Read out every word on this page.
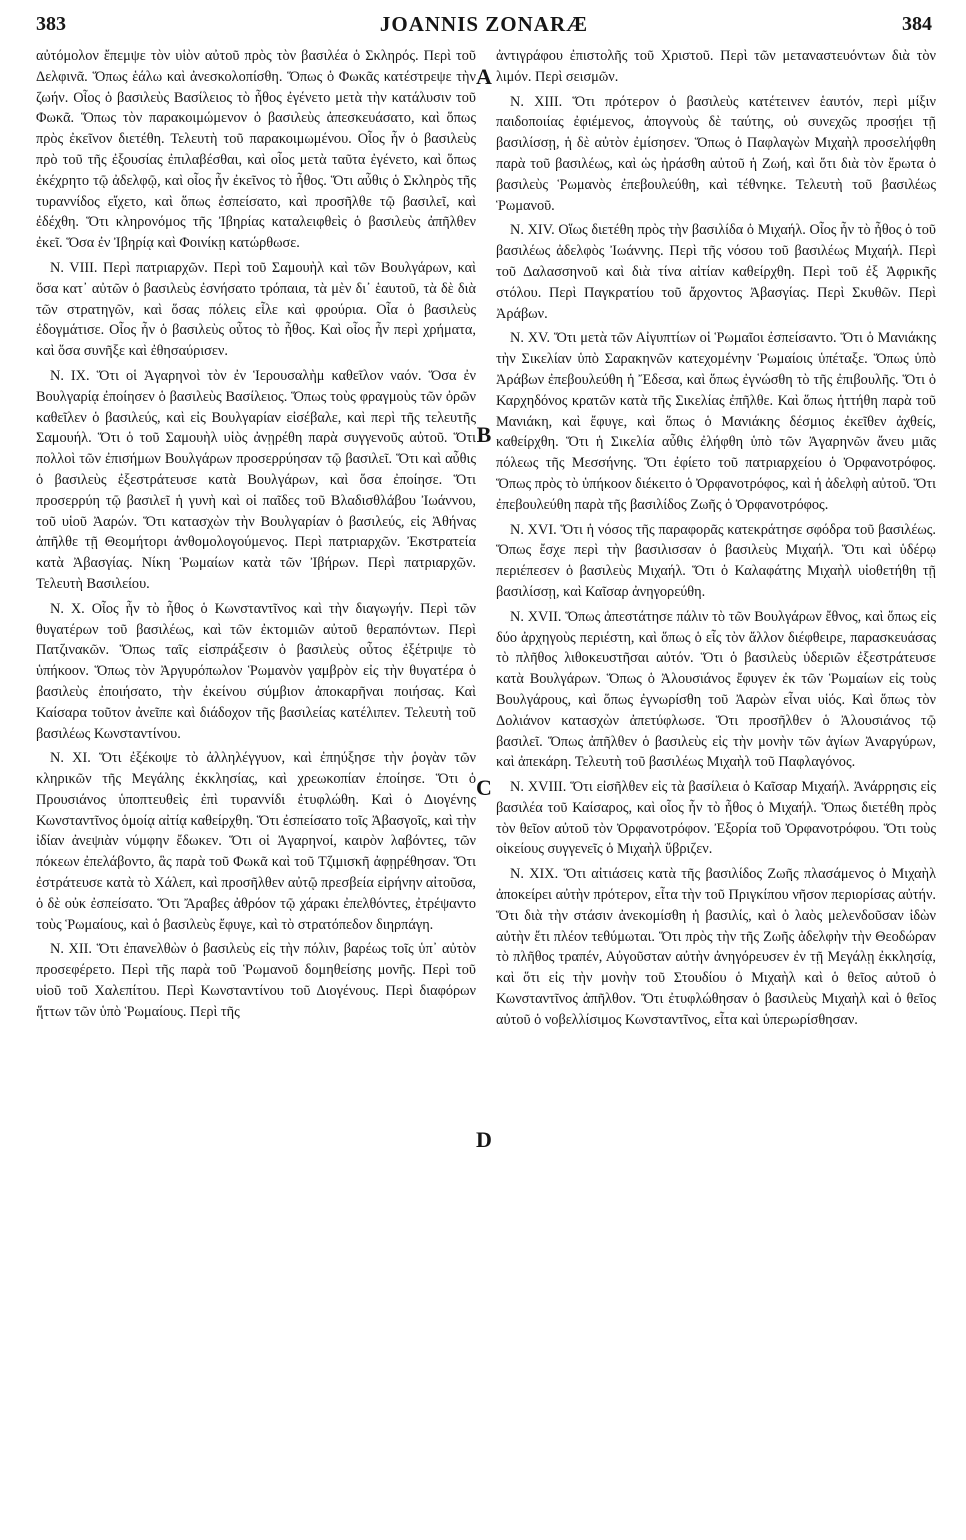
383	JOANNIS ZONARÆ	384

αὐτόμολον ἔπεμψε τὸν υἱὸν αὐτοῦ πρὸς τὸν βασιλέα ὁ Σκληρός. Περὶ τοῦ Δελφινᾶ. Ὅπως ἑάλω καὶ ἀνεσκολοπίσθη. Ὅπως ὁ Φωκᾶς κατέστρεψε τὴν ζωήν. Οἷος ὁ βασιλεὺς Βασίλειος τὸ ἦθος ἐγένετο μετὰ τὴν κατάλυσιν τοῦ Φωκᾶ. Ὅπως τὸν παρακοιμώμενον ὁ βασιλεὺς ἀπεσκευάσατο, καὶ ὅπως πρὸς ἐκεῖνον διετέθη. Τελευτὴ τοῦ παρακοιμωμένου. Οἷος ἦν ὁ βασιλεὺς πρὸ τοῦ τῆς ἐξουσίας ἐπιλαβέσθαι, καὶ οἷος μετὰ ταῦτα ἐγένετο, καὶ ὅπως ἐκέχρητο τῷ ἀδελφῷ, καὶ οἷος ἦν ἐκεῖνος τὸ ἦθος. Ὅτι αὖθις ὁ Σκληρὸς τῆς τυραννίδος εἴχετο, καὶ ὅπως ἐσπείσατο, καὶ προσῆλθε τῷ βασιλεῖ, καὶ ἐδέχθη. Ὅτι κληρονόμος τῆς Ἰβηρίας καταλειφθεὶς ὁ βασιλεὺς ἀπῆλθεν ἐκεῖ. Ὅσα ἐν Ἰβηρίᾳ καὶ Φοινίκῃ κατώρθωσε.

N. VIII. Περὶ πατριαρχῶν. Περὶ τοῦ Σαμουὴλ καὶ τῶν Βουλγάρων, καὶ ὅσα κατ᾽ αὐτῶν ὁ βασιλεὺς ἐσνήσατο τρόπαια, τὰ μὲν δι᾽ ἑαυτοῦ, τὰ δὲ διὰ τῶν στρατηγῶν, καὶ ὅσας πόλεις εἷλε καὶ φρούρια. Οἷα ὁ βασιλεὺς ἐδογμάτισε. Οἷος ἦν ὁ βασιλεὺς οὗτος τὸ ἦθος. Καὶ οἷος ἦν περὶ χρήματα, καὶ ὅσα συνῆξε καὶ ἐθησαύρισεν.

N. IX. Ὅτι οἱ Ἀγαρηνοὶ τὸν ἐν Ἱερουσαλὴμ καθεῖλον ναόν. Ὅσα ἐν Βουλγαρίᾳ ἐποίησεν ὁ βασιλεὺς Βασίλειος. Ὅπως τοὺς φραγμοὺς τῶν ὀρῶν καθεῖλεν ὁ βασιλεύς, καὶ εἰς Βουλγαρίαν εἰσέβαλε, καὶ περὶ τῆς τελευτῆς Σαμουήλ. Ὅτι ὁ τοῦ Σαμουὴλ υἱὸς ἀνῃρέθη παρὰ συγγενοῦς αὐτοῦ. Ὅτι πολλοὶ τῶν ἐπισήμων Βουλγάρων προσερρύησαν τῷ βασιλεῖ. Ὅτι καὶ αὖθις ὁ βασιλεὺς ἐξεστράτευσε κατὰ Βουλγάρων, καὶ ὅσα ἐποίησε. Ὅτι προσερρύη τῷ βασιλεῖ ἡ γυνὴ καὶ οἱ παῖδες τοῦ Βλαδισθλάβου Ἰωάννου, τοῦ υἱοῦ Ἀαρών. Ὅτι κατασχὼν τὴν Βουλγαρίαν ὁ βασιλεύς, εἰς Ἀθήνας ἀπῆλθε τῇ Θεομήτορι ἀνθομολογούμενος. Περὶ πατριαρχῶν. Ἐκστρατεία κατὰ Ἀβασγίας. Νίκη Ῥωμαίων κατὰ τῶν Ἰβήρων. Περὶ πατριαρχῶν. Τελευτὴ Βασιλείου.

N. X. Οἷος ἦν τὸ ἦθος ὁ Κωνσταντῖνος καὶ τὴν διαγωγήν. Περὶ τῶν θυγατέρων τοῦ βασιλέως, καὶ τῶν ἐκτομιῶν αὐτοῦ θεραπόντων. Περὶ Πατζινακῶν. Ὅπως ταῖς εἰσπράξεσιν ὁ βασιλεὺς οὗτος ἐξέτριψε τὸ ὑπήκοον. Ὅπως τὸν Ἀργυρόπωλον Ῥωμανὸν γαμβρὸν εἰς τὴν θυγατέρα ὁ βασιλεὺς ἐποιήσατο, τὴν ἐκείνου σύμβιον ἀποκαρῆναι ποιήσας. Καὶ Καίσαρα τοῦτον ἀνεῖπε καὶ διάδοχον τῆς βασιλείας κατέλιπεν. Τελευτὴ τοῦ βασιλέως Κωνσταντίνου.

N. XI. Ὅτι ἐξέκοψε τὸ ἀλληλέγγυον, καὶ ἐπηύξησε τὴν ῥογὰν τῶν κληρικῶν τῆς Μεγάλης ἐκκλησίας, καὶ χρεωκοπίαν ἐποίησε. Ὅτι ὁ Προυσιάνος ὑποπτευθεὶς ἐπὶ τυραννίδι ἐτυφλώθη. Καὶ ὁ Διογένης Κωνσταντῖνος ὁμοίᾳ αἰτίᾳ καθείρχθη. Ὅτι ἐσπείσατο τοῖς Ἀβασγοῖς, καὶ τὴν ἰδίαν ἀνεψιὰν νύμφην ἔδωκεν. Ὅτι οἱ Ἀγαρηνοί, καιρὸν λαβόντες, τῶν πόκεων ἐπελάβοντο, ἃς παρὰ τοῦ Φωκᾶ καὶ τοῦ Τζιμισκῆ ἀφῃρέθησαν. Ὅτι ἐστράτευσε κατὰ τὸ Χάλεπ, καὶ προσῆλθεν αὐτῷ πρεσβεία εἰρήνην αἰτοῦσα, ὁ δὲ οὐκ ἐσπείσατο. Ὅτι Ἄραβες ἀθρόον τῷ χάρακι ἐπελθόντες, ἐτρέψαντο τοὺς Ῥωμαίους, καὶ ὁ βασιλεὺς ἔφυγε, καὶ τὸ στρατόπεδον διηρπάγη.

N. XII. Ὅτι ἐπανελθὼν ὁ βασιλεὺς εἰς τὴν πόλιν, βαρέως τοῖς ὑπ᾽ αὐτὸν προσεφέρετο. Περὶ τῆς παρὰ τοῦ Ῥωμανοῦ δομηθείσης μονῆς. Περὶ τοῦ υἱοῦ τοῦ Χαλεπίτου. Περὶ Κωνσταντίνου τοῦ Διογένους. Περὶ διαφόρων ἥττων τῶν ὑπὸ Ῥωμαίους. Περὶ τῆς

A
B
C
D

ἀντιγράφου ἐπιστολῆς τοῦ Χριστοῦ. Περὶ τῶν μεταναστευόντων διὰ τὸν λιμόν. Περὶ σεισμῶν.

N. XIII. Ὅτι πρότερον ὁ βασιλεὺς κατέτεινεν ἑαυτόν, περὶ μίξιν παιδοποιίας ἐφιέμενος, ἀπογνοὺς δὲ ταύτης, οὐ συνεχῶς προσῄει τῇ βασιλίσσῃ, ἡ δὲ αὐτὸν ἐμίσησεν. Ὅπως ὁ Παφλαγὼν Μιχαὴλ προσελήφθη παρὰ τοῦ βασιλέως, καὶ ὡς ἠράσθη αὐτοῦ ἡ Ζωή, καὶ ὅτι διὰ τὸν ἔρωτα ὁ βασιλεὺς Ῥωμανὸς ἐπεβουλεύθη, καὶ τέθνηκε. Τελευτὴ τοῦ βασιλέως Ῥωμανοῦ.

N. XIV. Οἵως διετέθη πρὸς τὴν βασιλίδα ὁ Μιχαήλ. Οἷος ἦν τὸ ἦθος ὁ τοῦ βασιλέως ἀδελφὸς Ἰωάννης. Περὶ τῆς νόσου τοῦ βασιλέως Μιχαήλ. Περὶ τοῦ Δαλασσηνοῦ καὶ διὰ τίνα αἰτίαν καθείρχθη. Περὶ τοῦ ἐξ Ἀφρικῆς στόλου. Περὶ Παγκρατίου τοῦ ἄρχοντος Ἀβασγίας. Περὶ Σκυθῶν. Περὶ Ἀράβων.

N. XV. Ὅτι μετὰ τῶν Αἰγυπτίων οἱ Ῥωμαῖοι ἐσπείσαντο. Ὅτι ὁ Μανιάκης τὴν Σικελίαν ὑπὸ Σαρακηνῶν κατεχομένην Ῥωμαίοις ὑπέταξε. Ὅπως ὑπὸ Ἀράβων ἐπεβουλεύθη ἡ Ἔδεσα, καὶ ὅπως ἐγνώσθη τὸ τῆς ἐπιβουλῆς. Ὅτι ὁ Καρχηδόνος κρατῶν κατὰ τῆς Σικελίας ἐπῆλθε. Καὶ ὅπως ἡττήθη παρὰ τοῦ Μανιάκη, καὶ ἔφυγε, καὶ ὅπως ὁ Μανιάκης δέσμιος ἐκεῖθεν ἀχθείς, καθείρχθη. Ὅτι ἡ Σικελία αὖθις ἐλήφθη ὑπὸ τῶν Ἀγαρηνῶν ἄνευ μιᾶς πόλεως τῆς Μεσσήνης. Ὅτι ἐφίετο τοῦ πατριαρχείου ὁ Ὀρφανοτρόφος. Ὅπως πρὸς τὸ ὑπήκοον διέκειτο ὁ Ὀρφανοτρόφος, καὶ ἡ ἀδελφὴ αὐτοῦ. Ὅτι ἐπεβουλεύθη παρὰ τῆς βασιλίδος Ζωῆς ὁ Ὀρφανοτρόφος.

N. XVI. Ὅτι ἡ νόσος τῆς παραφορᾶς κατεκράτησε σφόδρα τοῦ βασιλέως. Ὅπως ἔσχε περὶ τὴν βασιλισσαν ὁ βασιλεὺς Μιχαήλ. Ὅτι καὶ ὑδέρῳ περιέπεσεν ὁ βασιλεὺς Μιχαήλ. Ὅτι ὁ Καλαφάτης Μιχαὴλ υἱοθετήθη τῇ βασιλίσσῃ, καὶ Καῖσαρ ἀνηγορεύθη.

N. XVII. Ὅπως ἀπεστάτησε πάλιν τὸ τῶν Βουλγάρων ἔθνος, καὶ ὅπως εἰς δύο ἀρχηγοὺς περιέστη, καὶ ὅπως ὁ εἷς τὸν ἄλλον διέφθειρε, παρασκευάσας τὸ πλῆθος λιθοκευστῆσαι αὐτόν. Ὅτι ὁ βασιλεὺς ὑδεριῶν ἐξεστράτευσε κατὰ Βουλγάρων. Ὅπως ὁ Ἀλουσιάνος ἔφυγεν ἐκ τῶν Ῥωμαίων εἰς τοὺς Βουλγάρους, καὶ ὅπως ἐγνωρίσθη τοῦ Ἀαρὼν εἶναι υἱός. Καὶ ὅπως τὸν Δολιάνον κατασχὼν ἀπετύφλωσε. Ὅτι προσῆλθεν ὁ Ἀλουσιάνος τῷ βασιλεῖ. Ὅπως ἀπῆλθεν ὁ βασιλεὺς εἰς τὴν μονὴν τῶν ἁγίων Ἀναργύρων, καὶ ἀπεκάρη. Τελευτὴ τοῦ βασιλέως Μιχαὴλ τοῦ Παφλαγόνος.

N. XVIII. Ὅτι εἰσῆλθεν εἰς τὰ βασίλεια ὁ Καῖσαρ Μιχαήλ. Ἀνάρρησις εἰς βασιλέα τοῦ Καίσαρος, καὶ οἷος ἦν τὸ ἦθος ὁ Μιχαήλ. Ὅπως διετέθη πρὸς τὸν θεῖον αὐτοῦ τὸν Ὀρφανοτρόφον. Ἐξορία τοῦ Ὀρφανοτρόφου. Ὅτι τοὺς οἰκείους συγγενεῖς ὁ Μιχαὴλ ὕβριζεν.

N. XIX. Ὅτι αἰτιάσεις κατὰ τῆς βασιλίδος Ζωῆς πλασάμενος ὁ Μιχαὴλ ἀποκείρει αὐτὴν πρότερον, εἶτα τὴν τοῦ Πριγκίπου νῆσον περιορίσας αὐτήν. Ὅτι διὰ τὴν στάσιν ἀνεκομίσθη ἡ βασιλίς, καὶ ὁ λαὸς μελενδοῦσαν ἰδὼν αὐτὴν ἔτι πλέον τεθύμωται. Ὅτι πρὸς τὴν τῆς Ζωῆς ἀδελφὴν τὴν Θεοδώραν τὸ πλῆθος τραπέν, Αὐγοῦσταν αὐτὴν ἀνηγόρευσεν ἐν τῇ Μεγάλῃ ἐκκλησίᾳ, καὶ ὅτι εἰς τὴν μονὴν τοῦ Στουδίου ὁ Μιχαὴλ καὶ ὁ θεῖος αὐτοῦ ὁ Κωνσταντῖνος ἀπῆλθον. Ὅτι ἐτυφλώθησαν ὁ βασιλεὺς Μιχαὴλ καὶ ὁ θεῖος αὐτοῦ ὁ νοβελλίσιμος Κωνσταντῖνος, εἶτα καὶ ὑπερωρίσθησαν.
